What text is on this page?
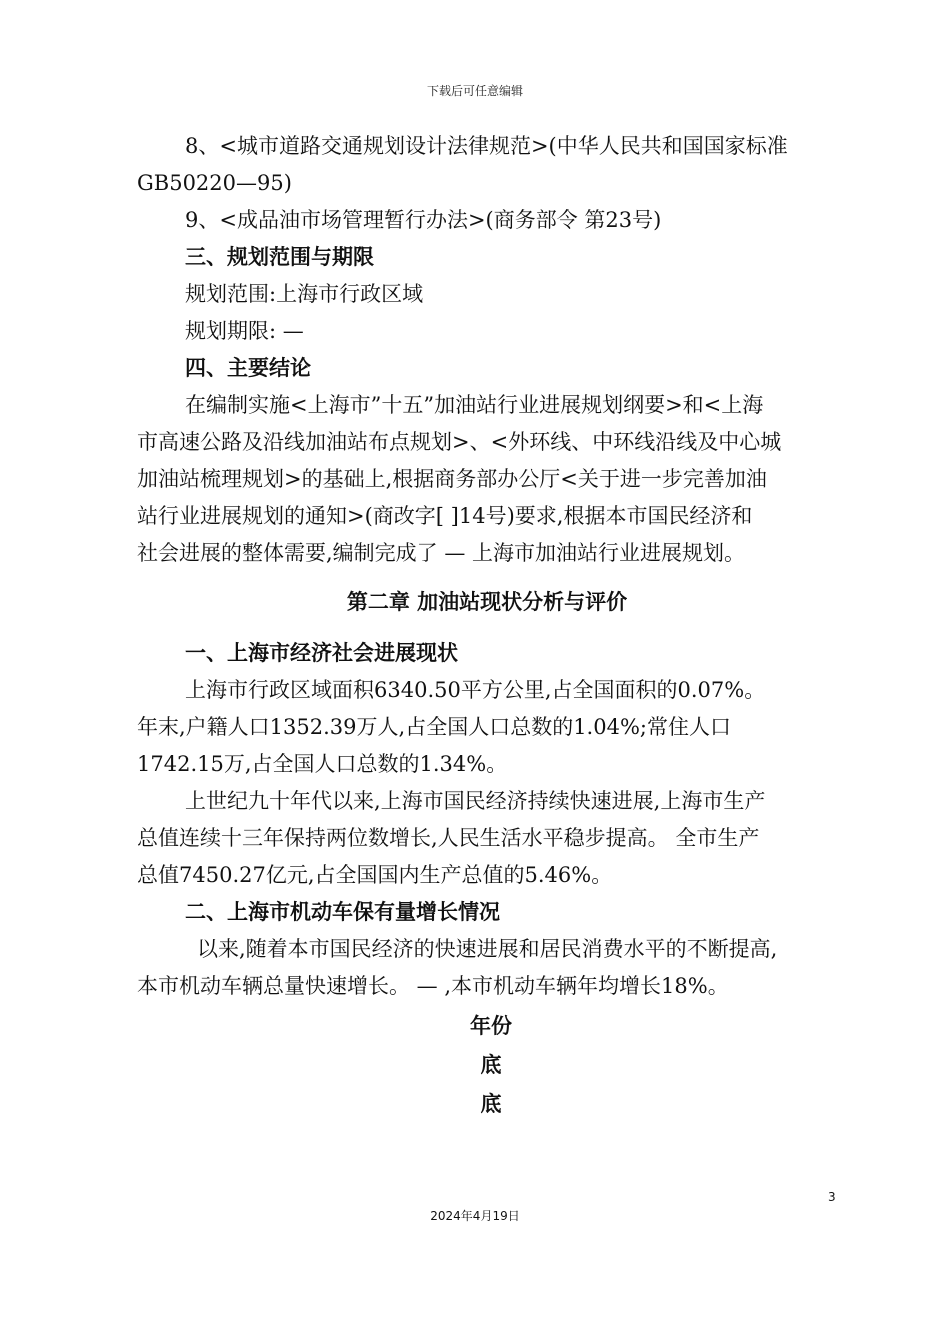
下载后可任意编辑

8、<城市道路交通规划设计法律规范>(中华人民共和国国家标准

GB50220—95)

9、<成品油市场管理暂行办法>(商务部令 第23号)

三、规划范围与期限

规划范围:上海市行政区域

规划期限: —

四、主要结论

在编制实施<上海市”十五”加油站行业进展规划纲要>和<上海

市高速公路及沿线加油站布点规划>、<外环线、中环线沿线及中心城

加油站梳理规划>的基础上,根据商务部办公厅<关于进一步完善加油

站行业进展规划的通知>(商改字[ ]14号)要求,根据本市国民经济和

社会进展的整体需要,编制完成了 — 上海市加油站行业进展规划。

第二章 加油站现状分析与评价

一、上海市经济社会进展现状

上海市行政区域面积6340.50平方公里,占全国面积的0.07%。

年末,户籍人口1352.39万人,占全国人口总数的1.04%;常住人口

1742.15万,占全国人口总数的1.34%。

上世纪九十年代以来,上海市国民经济持续快速进展,上海市生产

总值连续十三年保持两位数增长,人民生活水平稳步提高。 全市生产

总值7450.27亿元,占全国国内生产总值的5.46%。

二、上海市机动车保有量增长情况

以来,随着本市国民经济的快速进展和居民消费水平的不断提高,

本市机动车辆总量快速增长。 — ,本市机动车辆年均增长18%。

年份
底
底
3
2024年4月19日
